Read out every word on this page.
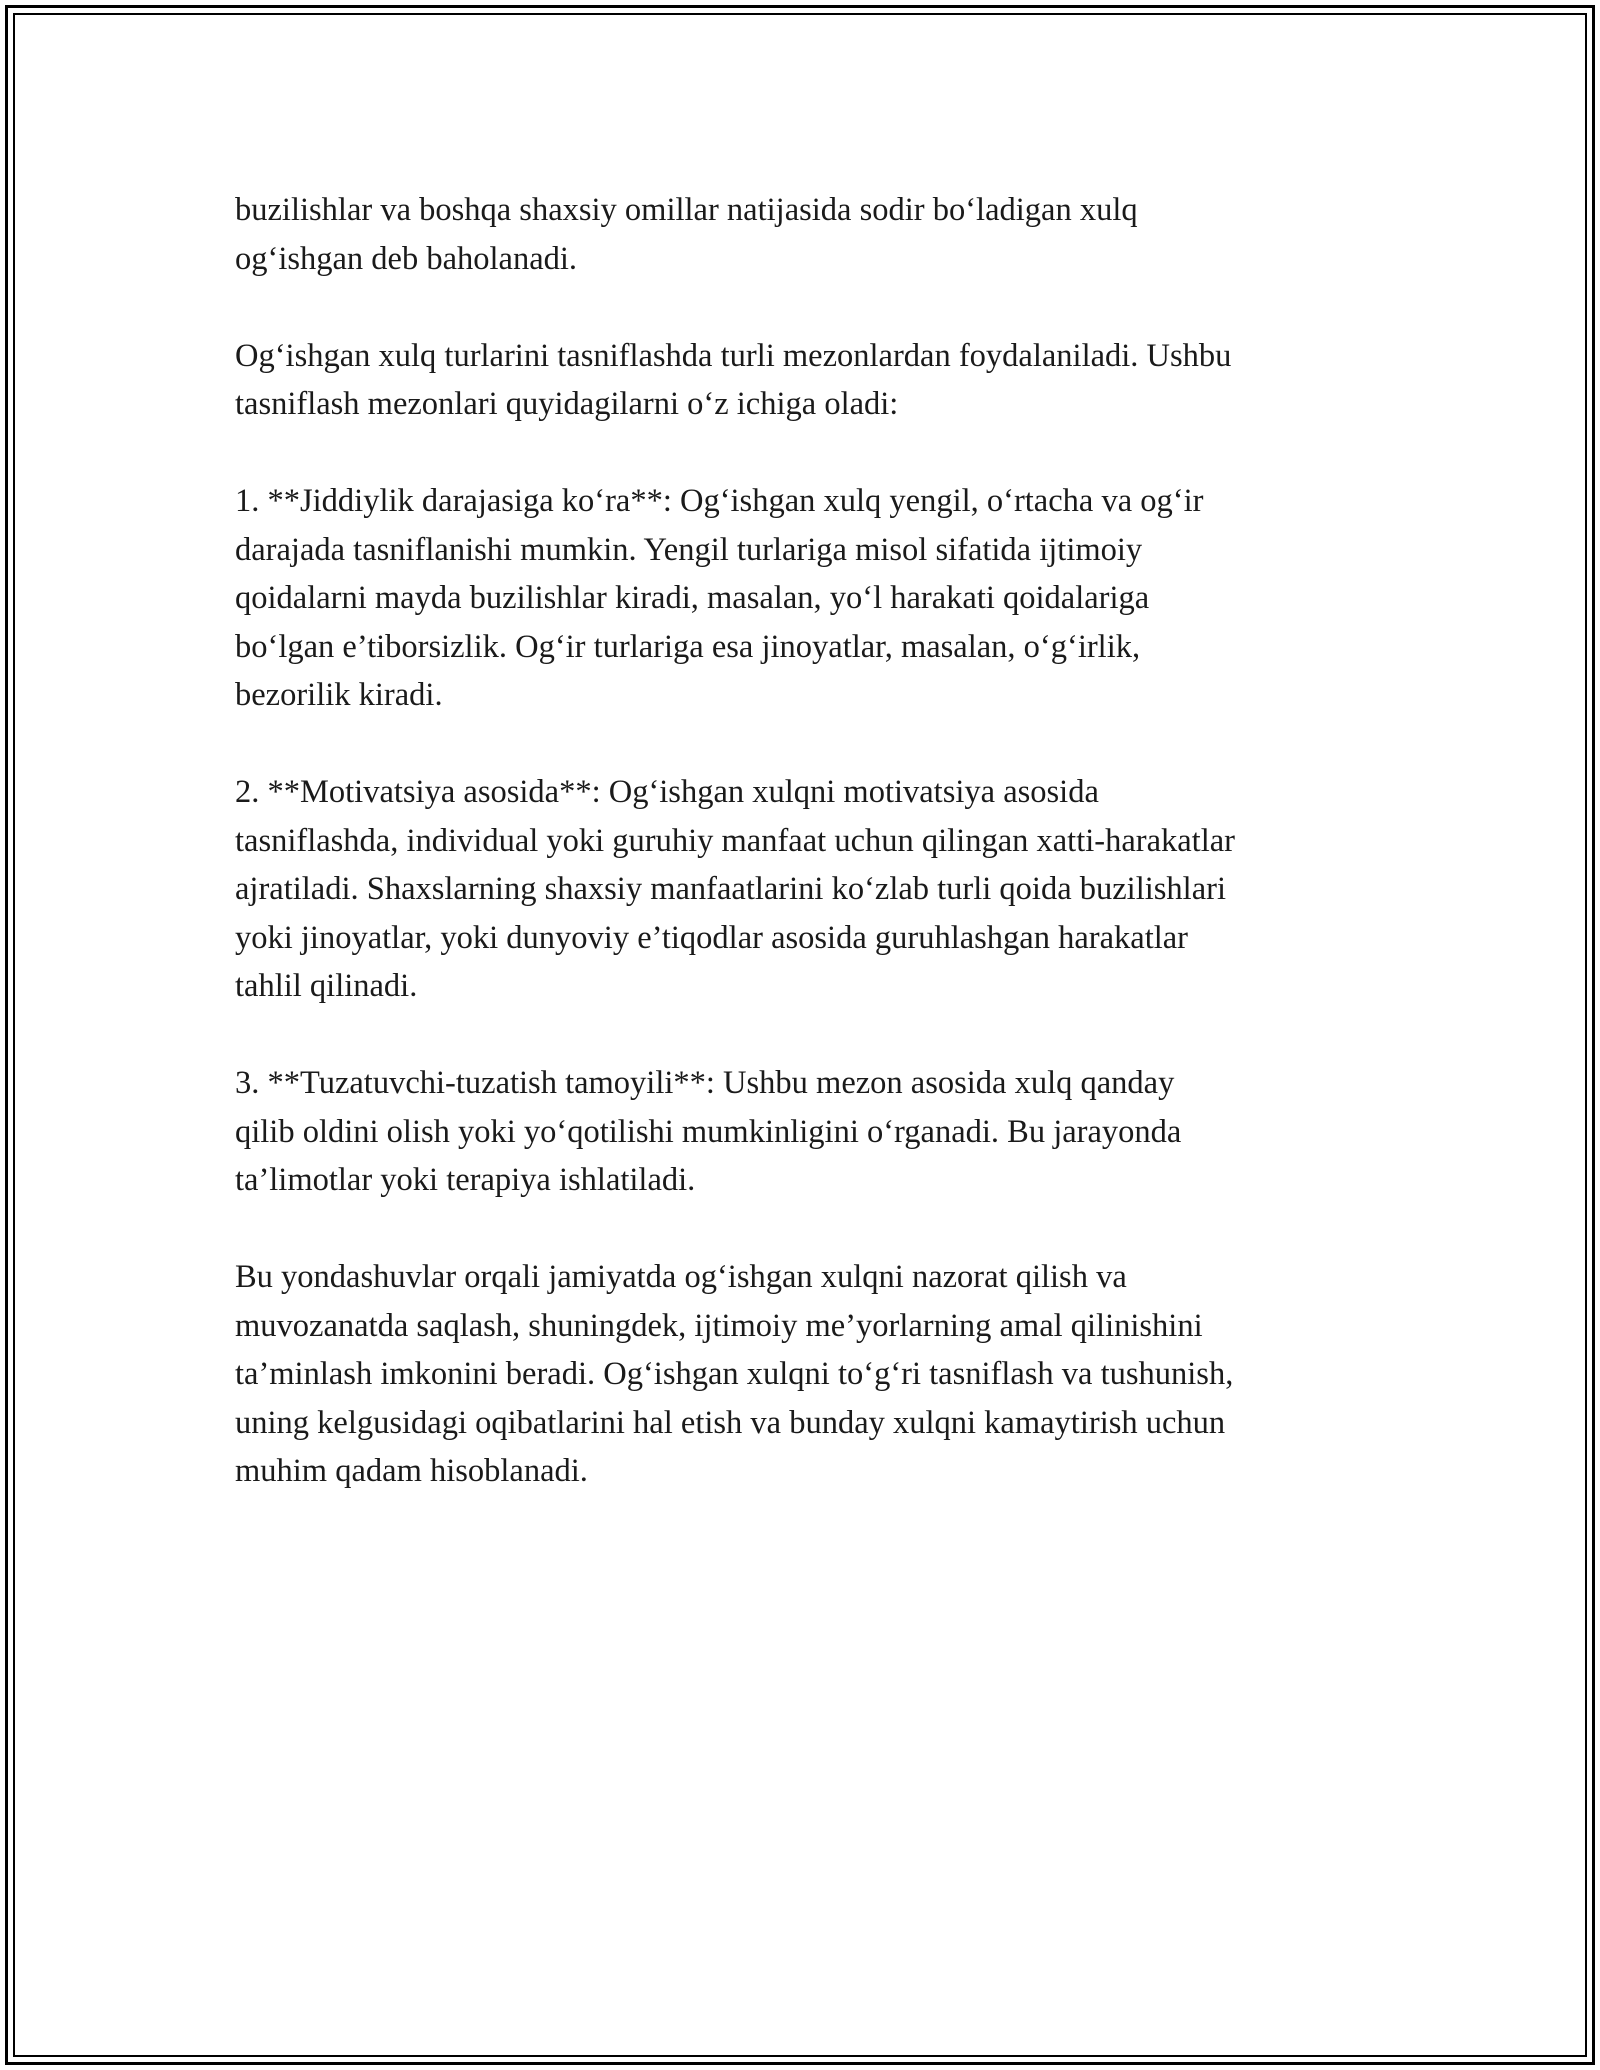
buzilishlar va boshqa shaxsiy omillar natijasida sodir bo‘ladigan xulq
og‘ishgan deb baholanadi.

Og‘ishgan xulq turlarini tasniflashda turli mezonlardan foydalaniladi. Ushbu
tasniflash mezonlari quyidagilarni o‘z ichiga oladi:

1. **Jiddiylik darajasiga ko‘ra**: Og‘ishgan xulq yengil, o‘rtacha va og‘ir
darajada tasniflanishi mumkin. Yengil turlariga misol sifatida ijtimoiy
qoidalarni mayda buzilishlar kiradi, masalan, yo‘l harakati qoidalariga
bo‘lgan e’tiborsizlik. Og‘ir turlariga esa jinoyatlar, masalan, o‘g‘irlik,
bezorilik kiradi.

2. **Motivatsiya asosida**: Og‘ishgan xulqni motivatsiya asosida
tasniflashda, individual yoki guruhiy manfaat uchun qilingan xatti-harakatlar
ajratiladi. Shaxslarning shaxsiy manfaatlarini ko‘zlab turli qoida buzilishlari
yoki jinoyatlar, yoki dunyoviy e’tiqodlar asosida guruhlashgan harakatlar
tahlil qilinadi.

3. **Tuzatuvchi-tuzatish tamoyili**: Ushbu mezon asosida xulq qanday
qilib oldini olish yoki yo‘qotilishi mumkinligini o‘rganadi. Bu jarayonda
ta’limotlar yoki terapiya ishlatiladi.

Bu yondashuvlar orqali jamiyatda og‘ishgan xulqni nazorat qilish va
muvozanatda saqlash, shuningdek, ijtimoiy me’yorlarning amal qilinishini
ta’minlash imkonini beradi. Og‘ishgan xulqni to‘g‘ri tasniflash va tushunish,
uning kelgusidagi oqibatlarini hal etish va bunday xulqni kamaytirish uchun
muhim qadam hisoblanadi.
